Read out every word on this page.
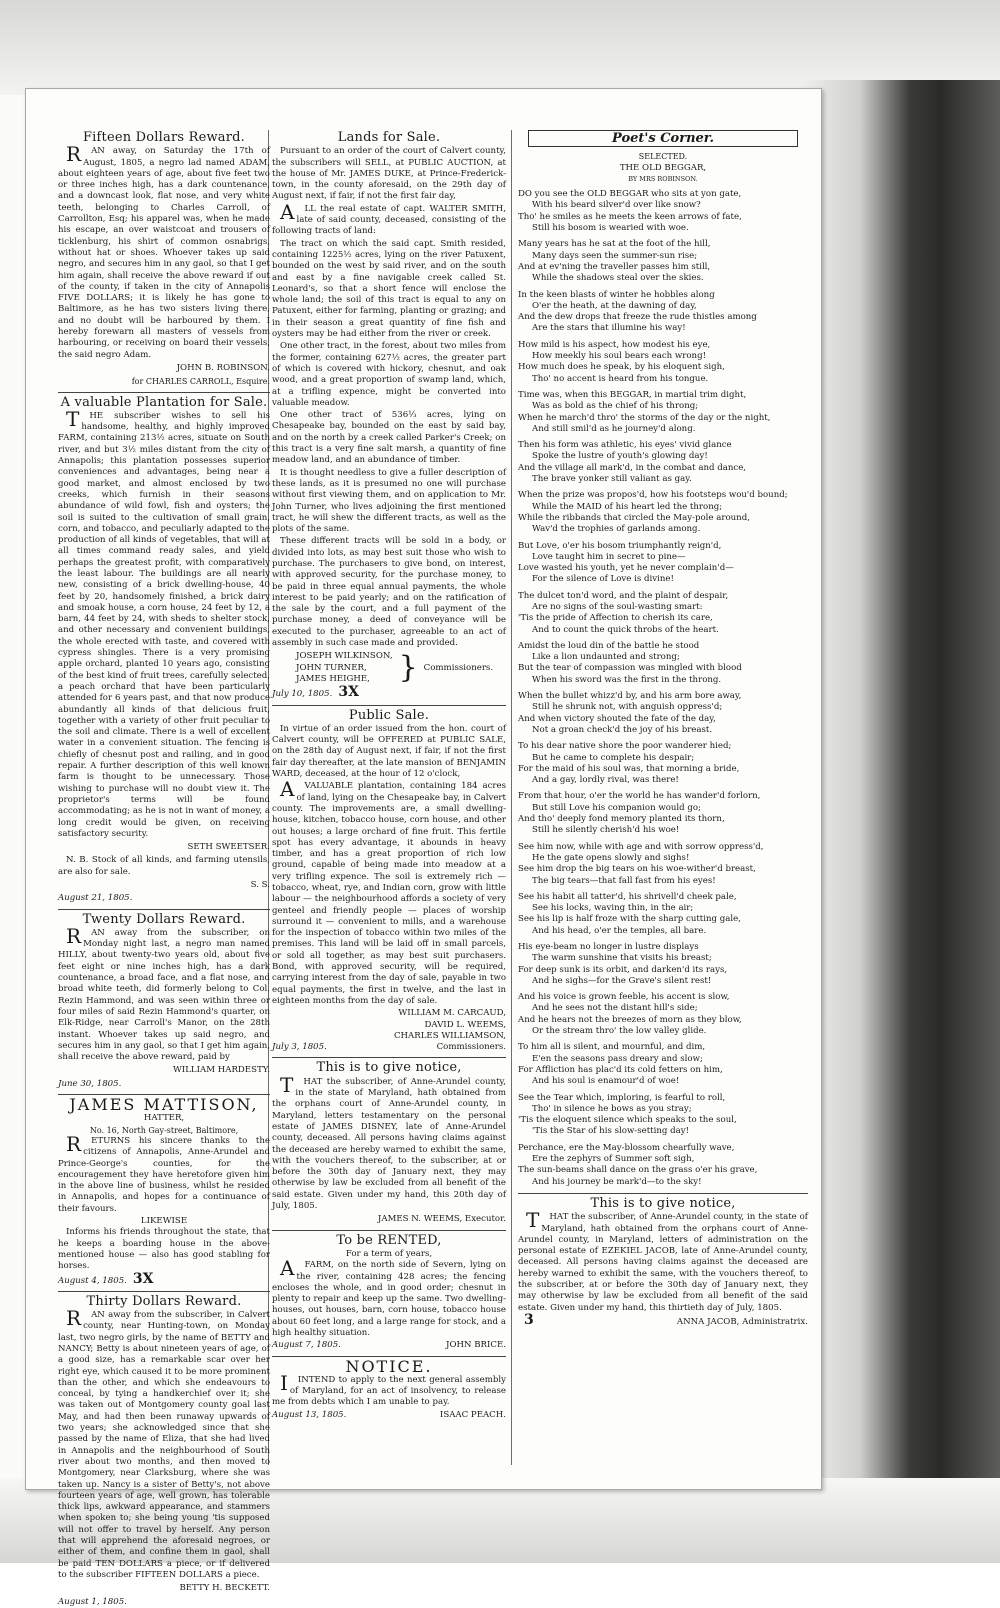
Fifteen Dollars Reward.

RAN away, on Saturday the 17th of August, 1805, a negro lad named ADAM, about eighteen years of age, about five feet two or three inches high, has a dark countenance, and a downcast look, flat nose, and very white teeth, belonging to Charles Carroll, of Carrollton, Esq; his apparel was, when he made his escape, an over waistcoat and trousers of ticklenburg, his shirt of common osnabrigs, without hat or shoes. Whoever takes up said negro, and secures him in any gaol, so that I get him again, shall receive the above reward if out of the county, if taken in the city of Annapolis FIVE DOLLARS; it is likely he has gone to Baltimore, as he has two sisters living there, and no doubt will be harboured by them. I hereby forewarn all masters of vessels from harbouring, or receiving on board their vessels, the said negro Adam.

JOHN B. ROBINSON,
for CHARLES CARROLL, Esquire.
A valuable Plantation for Sale.

THE subscriber wishes to sell his handsome, healthy, and highly improved FARM, containing 213½ acres, situate on South river, and but 3½ miles distant from the city of Annapolis; this plantation possesses superior conveniences and advantages, being near a good market, and almost enclosed by two creeks, which furnish in their seasons abundance of wild fowl, fish and oysters; the soil is suited to the cultivation of small grain, corn, and tobacco, and peculiarly adapted to the production of all kinds of vegetables, that will at all times command ready sales, and yield perhaps the greatest profit, with comparatively the least labour. The buildings are all nearly new, consisting of a brick dwelling-house, 40 feet by 20, handsomely finished, a brick dairy and smoak house, a corn house, 24 feet by 12, a barn, 44 feet by 24, with sheds to shelter stock, and other necessary and convenient buildings, the whole erected with taste, and covered with cypress shingles. There is a very promising apple orchard, planted 10 years ago, consisting of the best kind of fruit trees, carefully selected, a peach orchard that have been particularly attended for 6 years past, and that now produce abundantly all kinds of that delicious fruit, together with a variety of other fruit peculiar to the soil and climate. There is a well of excellent water in a convenient situation. The fencing is chiefly of chesnut post and railing, and in good repair. A further description of this well known farm is thought to be unnecessary. Those wishing to purchase will no doubt view it. The proprietor's terms will be found accommodating; as he is not in want of money, a long credit would be given, on receiving satisfactory security.

SETH SWEETSER.

N. B. Stock of all kinds, and farming utensils, are also for sale.

S. S.
August 21, 1805.
Twenty Dollars Reward.

RAN away from the subscriber, on Monday night last, a negro man named HILLY, about twenty-two years old, about five feet eight or nine inches high, has a dark countenance, a broad face, and a flat nose, and broad white teeth, did formerly belong to Col. Rezin Hammond, and was seen within three or four miles of said Rezin Hammond's quarter, on Elk-Ridge, near Carroll's Manor, on the 28th instant. Whoever takes up said negro, and secures him in any gaol, so that I get him again, shall receive the above reward, paid by

WILLIAM HARDESTY.
June 30, 1805.
JAMES MATTISON,
HATTER,
No. 16, North Gay-street, Baltimore,

RETURNS his sincere thanks to the citizens of Annapolis, Anne-Arundel and Prince-George's counties, for the encouragement they have heretofore given him in the above line of business, whilst he resided in Annapolis, and hopes for a continuance of their favours.

LIKEWISE

Informs his friends throughout the state, that he keeps a boarding house in the above-mentioned house — also has good stabling for horses.

August 4, 1805. 3X
Thirty Dollars Reward.

RAN away from the subscriber, in Calvert county, near Hunting-town, on Monday last, two negro girls, by the name of BETTY and NANCY; Betty is about nineteen years of age, of a good size, has a remarkable scar over her right eye, which caused it to be more prominent than the other, and which she endeavours to conceal, by tying a handkerchief over it; she was taken out of Montgomery county goal last May, and had then been runaway upwards of two years; she acknowledged since that she passed by the name of Eliza, that she had lived in Annapolis and the neighbourhood of South river about two months, and then moved to Montgomery, near Clarksburg, where she was taken up. Nancy is a sister of Betty's, not above fourteen years of age, well grown, has tolerable thick lips, awkward appearance, and stammers when spoken to; she being young 'tis supposed will not offer to travel by herself. Any person that will apprehend the aforesaid negroes, or either of them, and confine them in gaol, shall be paid TEN DOLLARS a piece, or if delivered to the subscriber FIFTEEN DOLLARS a piece.

BETTY H. BECKETT.
August 1, 1805.
Lands for Sale.

Pursuant to an order of the court of Calvert county, the subscribers will SELL, at PUBLIC AUCTION, at the house of Mr. JAMES DUKE, at Prince-Frederick-town, in the county aforesaid, on the 29th day of August next, if fair, if not the first fair day,

ALL the real estate of capt. WALTER SMITH, late of said county, deceased, consisting of the following tracts of land:

The tract on which the said capt. Smith resided, containing 1225½ acres, lying on the river Patuxent, bounded on the west by said river, and on the south and east by a fine navigable creek called St. Leonard's, so that a short fence will enclose the whole land; the soil of this tract is equal to any on Patuxent, either for farming, planting or grazing; and in their season a great quantity of fine fish and oysters may be had either from the river or creek.

One other tract, in the forest, about two miles from the former, containing 627½ acres, the greater part of which is covered with hickory, chesnut, and oak wood, and a great proportion of swamp land, which, at a trifling expence, might be converted into valuable meadow.

One other tract of 536⅓ acres, lying on Chesapeake bay, bounded on the east by said bay, and on the north by a creek called Parker's Creek; on this tract is a very fine salt marsh, a quantity of fine meadow land, and an abundance of timber.

It is thought needless to give a fuller description of these lands, as it is presumed no one will purchase without first viewing them, and on application to Mr. John Turner, who lives adjoining the first mentioned tract, he will shew the different tracts, as well as the plots of the same.

These different tracts will be sold in a body, or divided into lots, as may best suit those who wish to purchase. The purchasers to give bond, on interest, with approved security, for the purchase money, to be paid in three equal annual payments, the whole interest to be paid yearly; and on the ratification of the sale by the court, and a full payment of the purchase money, a deed of conveyance will be executed to the purchaser, agreeable to an act of assembly in such case made and provided.

JOSEPH WILKINSON,
JOHN TURNER,
JAMES HEIGHE, } Commissioners.
July 10, 1805. 3X
Public Sale.

In virtue of an order issued from the hon. court of Calvert county, will be OFFERED at PUBLIC SALE, on the 28th day of August next, if fair, if not the first fair day thereafter, at the late mansion of BENJAMIN WARD, deceased, at the hour of 12 o'clock,

AVALUABLE plantation, containing 184 acres of land, lying on the Chesapeake bay, in Calvert county. The improvements are, a small dwelling-house, kitchen, tobacco house, corn house, and other out houses; a large orchard of fine fruit. This fertile spot has every advantage, it abounds in heavy timber, and has a great proportion of rich low ground, capable of being made into meadow at a very trifling expence. The soil is extremely rich — tobacco, wheat, rye, and Indian corn, grow with little labour — the neighbourhood affords a society of very genteel and friendly people — places of worship surround it — convenient to mills, and a warehouse for the inspection of tobacco within two miles of the premises. This land will be laid off in small parcels, or sold all together, as may best suit purchasers. Bond, with approved security, will be required, carrying interest from the day of sale, payable in two equal payments, the first in twelve, and the last in eighteen months from the day of sale.

WILLIAM M. CARCAUD,
DAVID L. WEEMS,
CHARLES WILLIAMSON,
July 3, 1805.	Commissioners.
This is to give notice,

THAT the subscriber, of Anne-Arundel county, in the state of Maryland, hath obtained from the orphans court of Anne-Arundel county, in Maryland, letters testamentary on the personal estate of JAMES DISNEY, late of Anne-Arundel county, deceased. All persons having claims against the deceased are hereby warned to exhibit the same, with the vouchers thereof, to the subscriber, at or before the 30th day of January next, they may otherwise by law be excluded from all benefit of the said estate. Given under my hand, this 20th day of July, 1805.

JAMES N. WEEMS, Executor.
To be RENTED,
For a term of years,

AFARM, on the north side of Severn, lying on the river, containing 428 acres; the fencing encloses the whole, and in good order; chesnut in plenty to repair and keep up the same. Two dwelling-houses, out houses, barn, corn house, tobacco house about 60 feet long, and a large range for stock, and a high healthy situation.

August 7, 1805.	JOHN BRICE.
NOTICE.

IINTEND to apply to the next general assembly of Maryland, for an act of insolvency, to release me from debts which I am unable to pay.

August 13, 1805.	ISAAC PEACH.
Poet's Corner.
SELECTED.
THE OLD BEGGAR,
BY MRS ROBINSON.
DO you see the OLD BEGGAR who sits at yon gate,
With his beard silver'd over like snow?
Tho' he smiles as he meets the keen arrows of fate,
Still his bosom is wearied with woe.
Many years has he sat at the foot of the hill,
Many days seen the summer-sun rise;
And at ev'ning the traveller passes him still,
While the shadows steal over the skies.
In the keen blasts of winter he hobbles along
O'er the heath, at the dawning of day,
And the dew drops that freeze the rude thistles among
Are the stars that illumine his way!
How mild is his aspect, how modest his eye,
How meekly his soul bears each wrong!
How much does he speak, by his eloquent sigh,
Tho' no accent is heard from his tongue.
Time was, when this BEGGAR, in martial trim dight,
Was as bold as the chief of his throng;
When he march'd thro' the storms of the day or the night,
And still smil'd as he journey'd along.
Then his form was athletic, his eyes' vivid glance
Spoke the lustre of youth's glowing day!
And the village all mark'd, in the combat and dance,
The brave yonker still valiant as gay.
When the prize was propos'd, how his footsteps wou'd bound;
While the MAID of his heart led the throng;
While the ribbands that circled the May-pole around,
Wav'd the trophies of garlands among.
But Love, o'er his bosom triumphantly reign'd,
Love taught him in secret to pine—
Love wasted his youth, yet he never complain'd—
For the silence of Love is divine!
The dulcet ton'd word, and the plaint of despair,
Are no signs of the soul-wasting smart:
'Tis the pride of Affection to cherish its care,
And to count the quick throbs of the heart.
Amidst the loud din of the battle he stood
Like a lion undaunted and strong;
But the tear of compassion was mingled with blood
When his sword was the first in the throng.
When the bullet whizz'd by, and his arm bore away,
Still he shrunk not, with anguish oppress'd;
And when victory shouted the fate of the day,
Not a groan check'd the joy of his breast.
To his dear native shore the poor wanderer hied;
But he came to complete his despair;
For the maid of his soul was, that morning a bride,
And a gay, lordly rival, was there!
From that hour, o'er the world he has wander'd forlorn,
But still Love his companion would go;
And tho' deeply fond memory planted its thorn,
Still he silently cherish'd his woe!
See him now, while with age and with sorrow oppress'd,
He the gate opens slowly and sighs!
See him drop the big tears on his woe-wither'd breast,
The big tears—that fall fast from his eyes!
See his habit all tatter'd, his shrivell'd cheek pale,
See his locks, waving thin, in the air;
See his lip is half froze with the sharp cutting gale,
And his head, o'er the temples, all bare.
His eye-beam no longer in lustre displays
The warm sunshine that visits his breast;
For deep sunk is its orbit, and darken'd its rays,
And he sighs—for the Grave's silent rest!
And his voice is grown feeble, his accent is slow,
And he sees not the distant hill's side;
And he hears not the breezes of morn as they blow,
Or the stream thro' the low valley glide.
To him all is silent, and mournful, and dim,
E'en the seasons pass dreary and slow;
For Affliction has plac'd its cold fetters on him,
And his soul is enamour'd of woe!
See the Tear which, imploring, is fearful to roll,
Tho' in silence he bows as you stray;
'Tis the eloquent silence which speaks to the soul,
'Tis the Star of his slow-setting day!
Perchance, ere the May-blossom chearfully wave,
Ere the zephyrs of Summer soft sigh,
The sun-beams shall dance on the grass o'er his grave,
And his journey be mark'd—to the sky!
This is to give notice,

THAT the subscriber, of Anne-Arundel county, in the state of Maryland, hath obtained from the orphans court of Anne-Arundel county, in Maryland, letters of administration on the personal estate of EZEKIEL JACOB, late of Anne-Arundel county, deceased. All persons having claims against the deceased are hereby warned to exhibit the same, with the vouchers thereof, to the subscriber, at or before the 30th day of January next, they may otherwise by law be excluded from all benefit of the said estate. Given under my hand, this thirtieth day of July, 1805.

3	ANNA JACOB, Administratrix.
